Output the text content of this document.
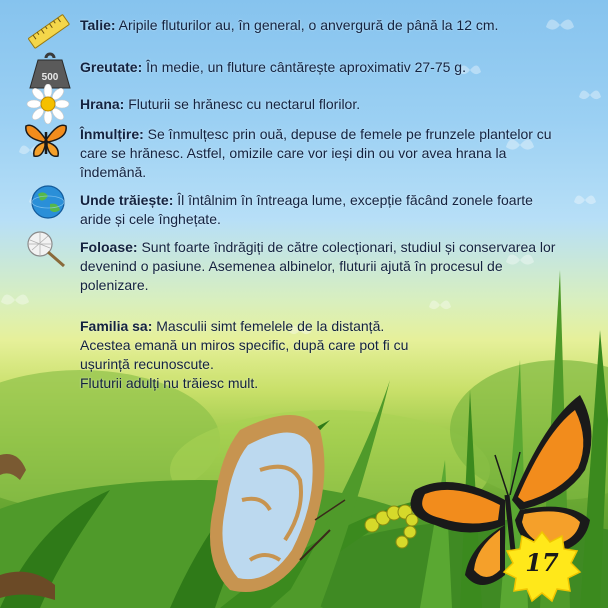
Talie: Aripile fluturilor au, în general, o anvergură de până la 12 cm.
500
Greutate: În medie, un fluture cântărește aproximativ 27-75 g.
Hrana: Fluturii se hrănesc cu nectarul florilor.
Înmulțire: Se înmulțesc prin ouă, depuse de femele pe frunzele plantelor cu care se hrănesc. Astfel, omizile care vor ieși din ou vor avea hrana la îndemână.
Unde trăiește: Îl întâlnim în întreaga lume, excepție făcând zonele foarte aride și cele înghețate.
Foloase: Sunt foarte îndrăgiți de către colecționari, studiul și conservarea lor devenind o pasiune. Asemenea albinelor, fluturii ajută în procesul de polenizare.
Familia sa: Masculii simt femelele de la distanță.
Acestea emană un miros specific, după care pot fi cu
ușurință recunoscute.
Fluturii adulți nu trăiesc mult.
17
